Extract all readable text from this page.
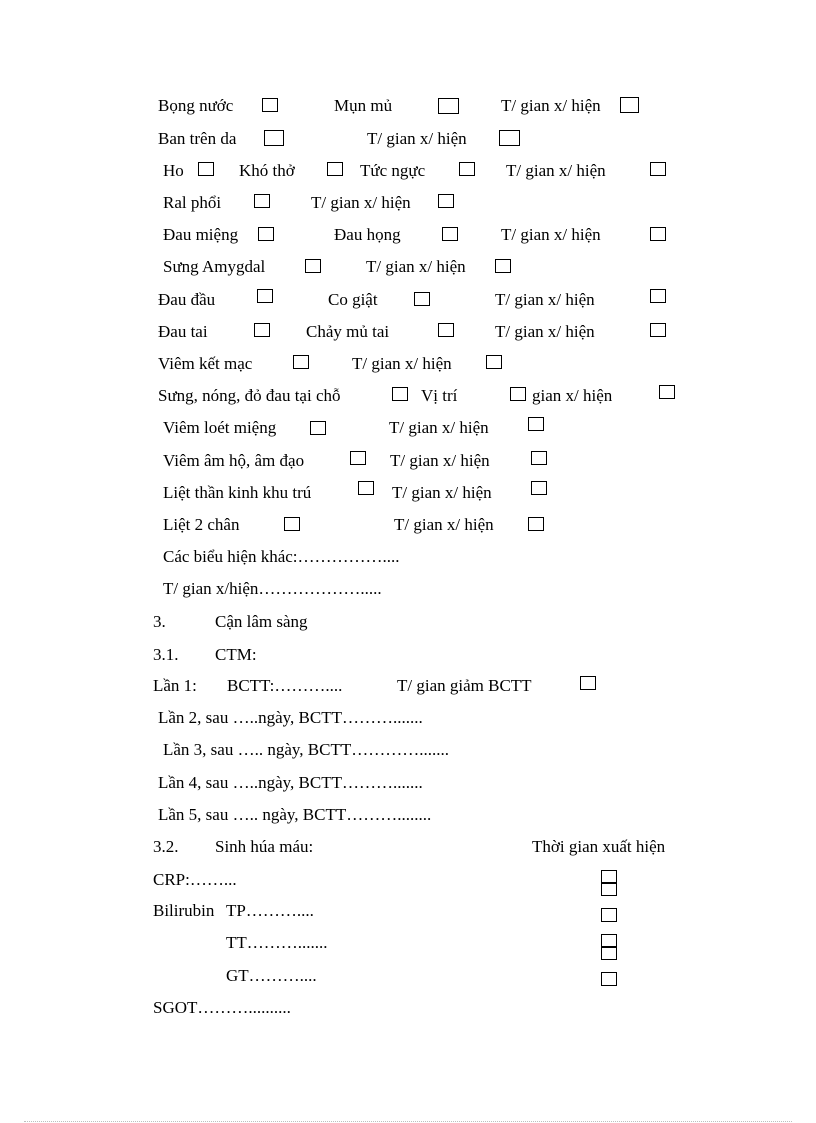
Bọng nước	Mụn mủ	T/ gian x/ hiện
Ban trên da	T/ gian x/ hiện
Ho	Khó thở	Tức ngực	T/ gian x/ hiện
Ral phổi	T/ gian x/ hiện
Đau miệng	Đau họng	T/ gian x/ hiện
Sưng Amygdal	T/ gian x/ hiện
Đau đầu	Co giật	T/ gian x/ hiện
Đau tai	Chảy mủ tai	T/ gian x/ hiện
Viêm kết mạc	T/ gian x/ hiện
Sưng, nóng, đỏ đau tại chỗ	Vị trí	gian x/ hiện
Viêm loét miệng	T/ gian x/ hiện
Viêm âm hộ, âm đạo	T/ gian x/ hiện
Liệt thần kinh khu trú	T/ gian x/ hiện
Liệt 2 chân	T/ gian x/ hiện
Các biểu hiện khác:……………....
T/ gian x/hiện……………….....
3.	Cận lâm sàng
3.1. CTM:
Lần 1: BCTT:………....	T/ gian giảm BCTT
Lần 2, sau …..ngày, BCTT……….......
Lần 3, sau ….. ngày, BCTT………….......
Lần 4, sau …..ngày, BCTT……….......
Lần 5, sau ….. ngày, BCTT………........
3.2. Sinh húa máu:	Thời gian xuất hiện
CRP:……...
Bilirubin TP………....
TT……….......
GT………....
SGOT………..........
